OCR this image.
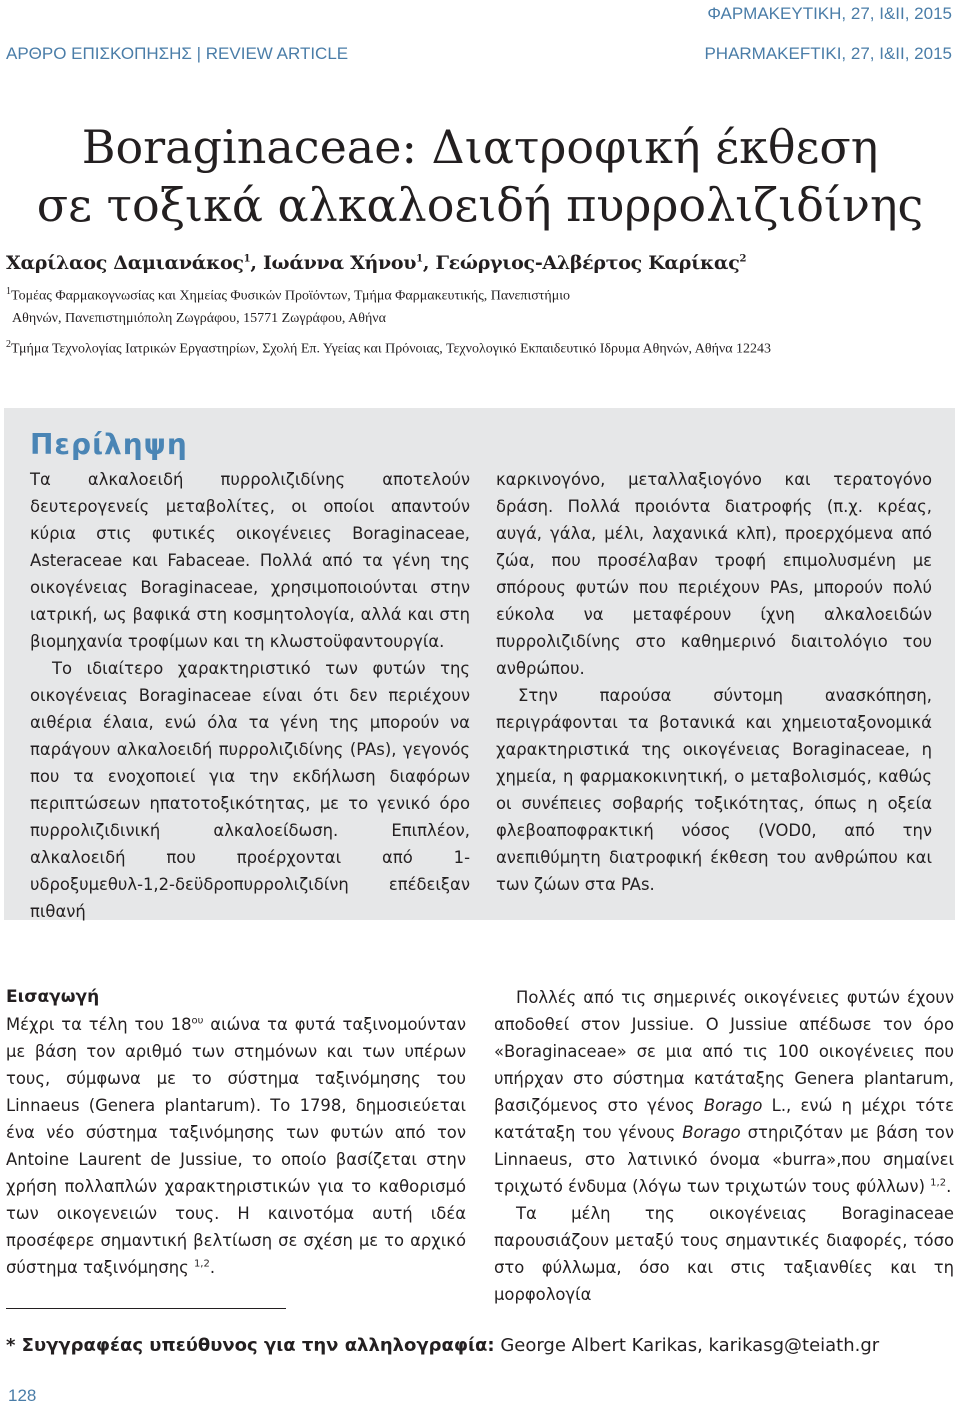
ΦΑΡΜΑΚΕΥΤΙΚΗ, 27, I&II, 2015
ΑΡΘΡΟ ΕΠΙΣΚΟΠΗΣΗΣ | REVIEW ARTICLE	PHARMAKEFTIKI, 27, I&II, 2015
Boraginaceae: Διατροφική έκθεση
σε τοξικά αλκαλοειδή πυρρολιζιδίνης
Χαρίλαος Δαμιανάκος$^1$, Ιωάννα Χήνου$^1$, Γεώργιος-Αλβέρτος Καρίκας$^2$
$^1$Τομέας Φαρμακογνωσίας και Χημείας Φυσικών Προϊόντων, Τμήμα Φαρμακευτικής, Πανεπιστήμιο
Αθηνών, Πανεπιστημιόπολη Ζωγράφου, 15771 Ζωγράφου, Αθήνα
$^2$Τμήμα Τεχνολογίας Ιατρικών Εργαστηρίων, Σχολή Επ. Υγείας και Πρόνοιας, Τεχνολογικό Εκπαιδευτικό Ιδρυμα Αθηνών, Αθήνα 12243
Περίληψη

Τα αλκαλοειδή πυρρολιζιδίνης αποτελούν δευτερογενείς μεταβολίτες, οι οποίοι απαντούν κύρια στις φυτικές οικογένειες Boraginaceae, Asteraceae και Fabaceae. Πολλά από τα γένη της οικογένειας Boraginaceae, χρησιμοποιούνται στην ιατρική, ως βαφικά στη κοσμητολογία, αλλά και στη βιομηχανία τροφίμων και τη κλωστοϋφαντουργία.

Το ιδιαίτερο χαρακτηριστικό των φυτών της οικογένειας Boraginaceae είναι ότι δεν περιέχουν αιθέρια έλαια, ενώ όλα τα γένη της μπορούν να παράγουν αλκαλοειδή πυρρολιζιδίνης (PAs), γεγονός που τα ενοχοποιεί για την εκδήλωση διαφόρων περιπτώσεων ηπατοτοξικότητας, με το γενικό όρο πυρρολιζιδινική αλκαλοείδωση. Επιπλέον, αλκαλοειδή που προέρχονται από 1-υδροξυμεθυλ-1,2-δεϋδροπυρρολιζιδίνη επέδειξαν πιθανή

καρκινογόνο, μεταλλαξιογόνο και τερατογόνο δράση. Πολλά προιόντα διατροφής (π.χ. κρέας, αυγά, γάλα, μέλι, λαχανικά κλπ), προερχόμενα από ζώα, που προσέλαβαν τροφή επιμολυσμένη με σπόρους φυτών που περιέχουν PAs, μπορούν πολύ εύκολα να μεταφέρουν ίχνη αλκαλοειδών πυρρολιζιδίνης στο καθημερινό διαιτολόγιο του ανθρώπου.

Στην παρούσα σύντομη ανασκόπηση, περιγράφονται τα βοτανικά και χημειοταξονομικά χαρακτηριστικά της οικογένειας Boraginaceae, η χημεία, η φαρμακοκινητική, ο μεταβολισμός, καθώς οι συνέπειες σοβαρής τοξικότητας, όπως η οξεία φλεβοαποφρακτική νόσος (VOD0, από την ανεπιθύμητη διατροφική έκθεση του ανθρώπου και των ζώων στα PAs.

Εισαγωγή

Μέχρι τα τέλη του $18^{o\upsilon}$ αιώνα τα φυτά ταξινομούνταν με βάση τον αριθμό των στημόνων και των υπέρων τους, σύμφωνα με το σύστημα ταξινόμησης του Linnaeus (Genera plantarum). Το 1798, δημοσιεύεται ένα νέο σύστημα ταξινόμησης των φυτών από τον Antoine Laurent de Jussiue, το οποίο βασίζεται στην χρήση πολλαπλών χαρακτηριστικών για το καθορισμό των οικογενειών τους. Η καινοτόμα αυτή ιδέα προσέφερε σημαντική βελτίωση σε σχέση με το αρχικό σύστημα ταξινόμησης $^{1,2}$.

Πολλές από τις σημερινές οικογένειες φυτών έχουν αποδοθεί στον Jussiue. Ο Jussiue απέδωσε τον όρο «Boraginaceae» σε μια από τις 100 οικογένειες που υπήρχαν στο σύστημα κατάταξης Genera plantarum, βασιζόμενος στο γένος Borago L., ενώ η μέχρι τότε κατάταξη του γένους Borago στηριζόταν με βάση τον Linnaeus, στο λατινικό όνομα «burra»,που σημαίνει τριχωτό ένδυμα (λόγω των τριχωτών τους φύλλων) $^{1,2}$.

Τα μέλη της οικογένειας Boraginaceae παρουσιάζουν μεταξύ τους σημαντικές διαφορές, τόσο στο φύλλωμα, όσο και στις ταξιανθίες και τη μορφολογία

* Συγγραφέας υπεύθυνος για την αλληλογραφία: George Albert Karikas, karikasg@teiath.gr
128
